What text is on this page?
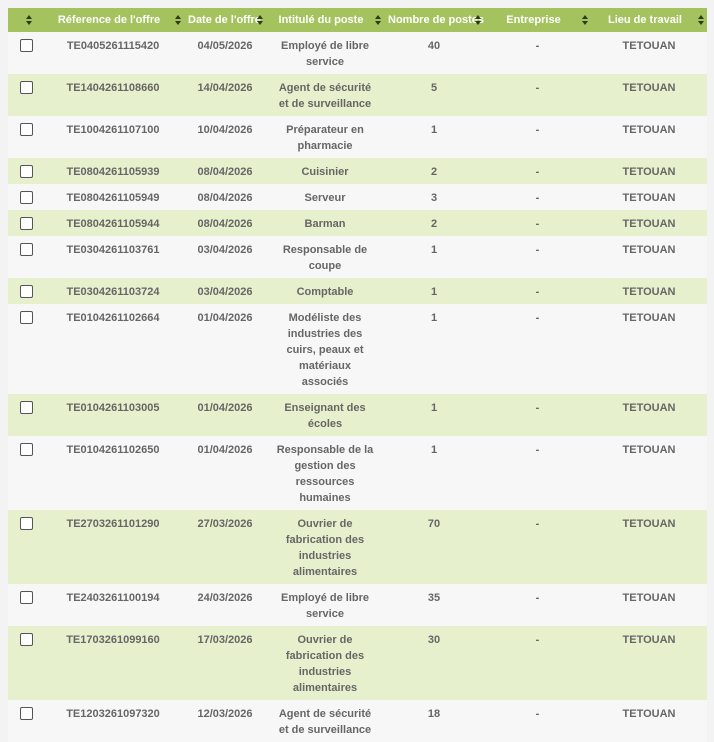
	Réference de l'offre	Date de l'offre	Intitulé du poste	Nombre de postes	Entreprise	Lieu de travail

	TE0405261115420	04/05/2026	Employé de libre service	40	-	TETOUAN
	TE1404261108660	14/04/2026	Agent de sécurité et de surveillance	5	-	TETOUAN
	TE1004261107100	10/04/2026	Préparateur en pharmacie	1	-	TETOUAN
	TE0804261105939	08/04/2026	Cuisinier	2	-	TETOUAN
	TE0804261105949	08/04/2026	Serveur	3	-	TETOUAN
	TE0804261105944	08/04/2026	Barman	2	-	TETOUAN
	TE0304261103761	03/04/2026	Responsable de coupe	1	-	TETOUAN
	TE0304261103724	03/04/2026	Comptable	1	-	TETOUAN
	TE0104261102664	01/04/2026	Modéliste des industries des cuirs, peaux et matériaux associés	1	-	TETOUAN
	TE0104261103005	01/04/2026	Enseignant des écoles	1	-	TETOUAN
	TE0104261102650	01/04/2026	Responsable de la gestion des ressources humaines	1	-	TETOUAN
	TE2703261101290	27/03/2026	Ouvrier de fabrication des industries alimentaires	70	-	TETOUAN
	TE2403261100194	24/03/2026	Employé de libre service	35	-	TETOUAN
	TE1703261099160	17/03/2026	Ouvrier de fabrication des industries alimentaires	30	-	TETOUAN
	TE1203261097320	12/03/2026	Agent de sécurité et de surveillance	18	-	TETOUAN
